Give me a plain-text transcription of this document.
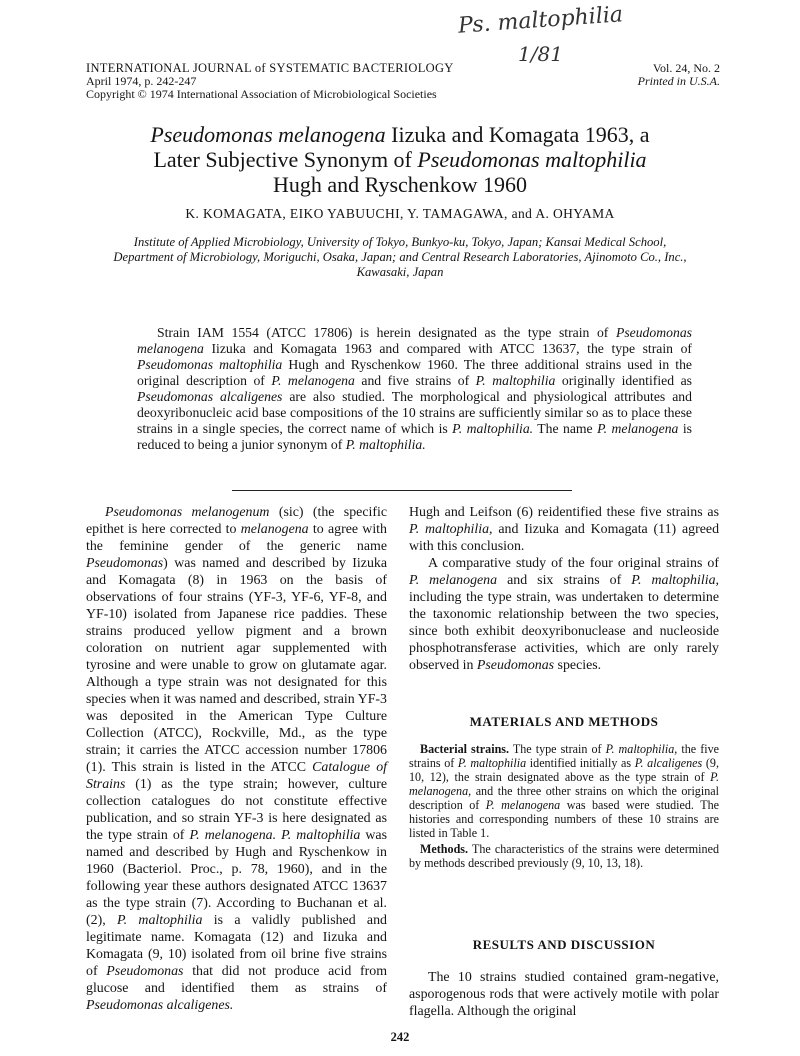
Ps. maltophilia
1/81
INTERNATIONAL JOURNAL of SYSTEMATIC BACTERIOLOGY
April 1974, p. 242-247
Copyright © 1974 International Association of Microbiological Societies
Vol. 24, No. 2
Printed in U.S.A.
Pseudomonas melanogena Iizuka and Komagata 1963, a
Later Subjective Synonym of Pseudomonas maltophilia
Hugh and Ryschenkow 1960
K. KOMAGATA, EIKO YABUUCHI, Y. TAMAGAWA, and A. OHYAMA
Institute of Applied Microbiology, University of Tokyo, Bunkyo-ku, Tokyo, Japan; Kansai Medical School, Department of Microbiology, Moriguchi, Osaka, Japan; and Central Research Laboratories, Ajinomoto Co., Inc., Kawasaki, Japan
Strain IAM 1554 (ATCC 17806) is herein designated as the type strain of Pseudomonas melanogena Iizuka and Komagata 1963 and compared with ATCC 13637, the type strain of Pseudomonas maltophilia Hugh and Ryschenkow 1960. The three additional strains used in the original description of P. melanogena and five strains of P. maltophilia originally identified as Pseudomonas alcaligenes are also studied. The morphological and physiological attributes and deoxyribonucleic acid base compositions of the 10 strains are sufficiently similar so as to place these strains in a single species, the correct name of which is P. maltophilia. The name P. melanogena is reduced to being a junior synonym of P. maltophilia.

Pseudomonas melanogenum (sic) (the specific epithet is here corrected to melanogena to agree with the feminine gender of the generic name Pseudomonas) was named and described by Iizuka and Komagata (8) in 1963 on the basis of observations of four strains (YF-3, YF-6, YF-8, and YF-10) isolated from Japanese rice paddies. These strains produced yellow pigment and a brown coloration on nutrient agar supplemented with tyrosine and were unable to grow on glutamate agar. Although a type strain was not designated for this species when it was named and described, strain YF-3 was deposited in the American Type Culture Collection (ATCC), Rockville, Md., as the type strain; it carries the ATCC accession number 17806 (1). This strain is listed in the ATCC Catalogue of Strains (1) as the type strain; however, culture collection catalogues do not constitute effective publication, and so strain YF-3 is here designated as the type strain of P. melanogena. P. maltophilia was named and described by Hugh and Ryschenkow in 1960 (Bacteriol. Proc., p. 78, 1960), and in the following year these authors designated ATCC 13637 as the type strain (7). According to Buchanan et al. (2), P. maltophilia is a validly published and legitimate name. Komagata (12) and Iizuka and Komagata (9, 10) isolated from oil brine five strains of Pseudomonas that did not produce acid from glucose and identified them as strains of Pseudomonas alcaligenes.

Hugh and Leifson (6) reidentified these five strains as P. maltophilia, and Iizuka and Komagata (11) agreed with this conclusion.

A comparative study of the four original strains of P. melanogena and six strains of P. maltophilia, including the type strain, was undertaken to determine the taxonomic relationship between the two species, since both exhibit deoxyribonuclease and nucleoside phosphotransferase activities, which are only rarely observed in Pseudomonas species.

MATERIALS AND METHODS

Bacterial strains. The type strain of P. maltophilia, the five strains of P. maltophilia identified initially as P. alcaligenes (9, 10, 12), the strain designated above as the type strain of P. melanogena, and the three other strains on which the original description of P. melanogena was based were studied. The histories and corresponding numbers of these 10 strains are listed in Table 1.

Methods. The characteristics of the strains were determined by methods described previously (9, 10, 13, 18).

RESULTS AND DISCUSSION

The 10 strains studied contained gram-negative, asporogenous rods that were actively motile with polar flagella. Although the original

242
